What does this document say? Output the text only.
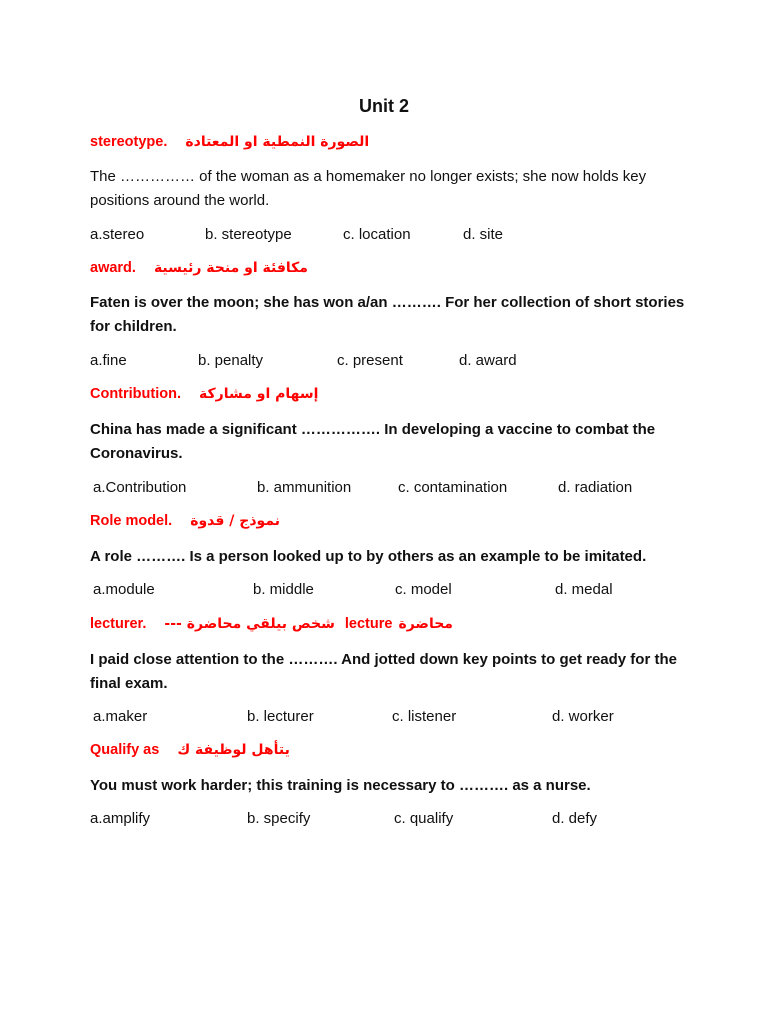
Unit 2
stereotype. الصورة النمطية او المعتادة
The …………… of the woman as a homemaker no longer exists; she now holds key positions around the world.
a.stereo	b. stereotype	c. location	d. site
award. مكافئة او منحة رئيسية
Faten is over the moon; she has won a/an ………. For her collection of short stories for children.
a.fine	b. penalty	c. present	d. award
Contribution. إسهام او مشاركة
China has made a significant ……………. In developing a vaccine to combat the Coronavirus.
a.Contribution	b. ammunition	c. contamination	d. radiation
Role model. نموذج / قدوة
A role ………. Is a person looked up to by others as an example to be imitated.
a.module	b. middle	c. model	d. medal
lecturer. شخص بيلقي محاضرة --- lecture محاضرة
I paid close attention to the ………. And jotted down key points to get ready for the final exam.
a.maker	b. lecturer	c. listener	d. worker
Qualify as يتأهل لوظيفة ك
You must work harder; this training is necessary to ………. as a nurse.
a.amplify	b. specify	c. qualify	d. defy
